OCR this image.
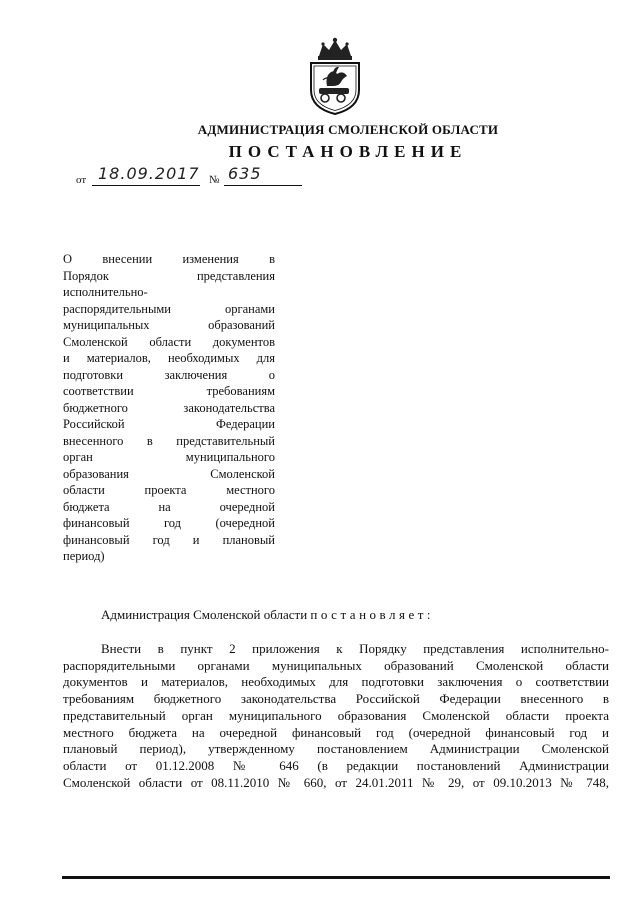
АДМИНИСТРАЦИЯ СМОЛЕНСКОЙ ОБЛАСТИ
ПОСТАНОВЛЕНИЕ
от 18.09.2017 № 635
О внесении изменения в
Порядок представления
исполнительно-
распорядительными органами
муниципальных образований
Смоленской области документов
и материалов, необходимых для
подготовки заключения о
соответствии требованиям
бюджетного законодательства
Российской Федерации
внесенного в представительный
орган муниципального
образования Смоленской
области проекта местного
бюджета на очередной
финансовый год (очередной
финансовый год и плановый
период)
Администрация Смоленской области постановляет:
Внести в пункт 2 приложения к Порядку представления исполнительно-
распорядительными органами муниципальных образований Смоленской области
документов и материалов, необходимых для подготовки заключения о соответствии
требованиям бюджетного законодательства Российской Федерации внесенного в
представительный орган муниципального образования Смоленской области проекта
местного бюджета на очередной финансовый год (очередной финансовый год и
плановый период), утвержденному постановлением Администрации Смоленской
области от 01.12.2008 № 646 (в редакции постановлений Администрации
Смоленской области от 08.11.2010 № 660, от 24.01.2011 № 29, от 09.10.2013 № 748,
